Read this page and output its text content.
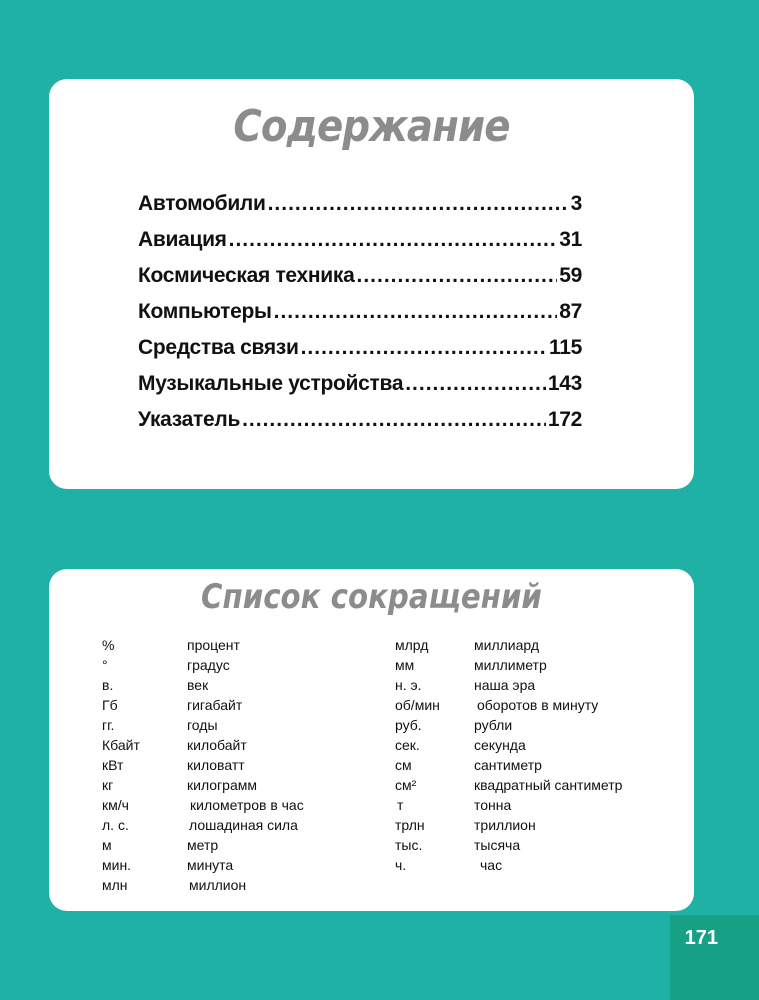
Содержание
Автомобили .....	3
Авиация .....	31
Космическая техника .....	59
Компьютеры .....	87
Средства связи .....	115
Музыкальные устройства .....	143
Указатель .....	172
Список сокращений
%	процент
°	градус
в.	век
Гб	гигабайт
гг.	годы
Кбайт	килобайт
кВт	киловатт
кг	килограмм
км/ч	километров в час
л. с.	лошадиная сила
м	метр
мин.	минута
млн	миллион
млрд	миллиард
мм	миллиметр
н. э.	наша эра
об/мин	оборотов в минуту
руб.	рубли
сек.	секунда
см	сантиметр
см²	квадратный сантиметр
т	тонна
трлн	триллион
тыс.	тысяча
ч.	час
171
